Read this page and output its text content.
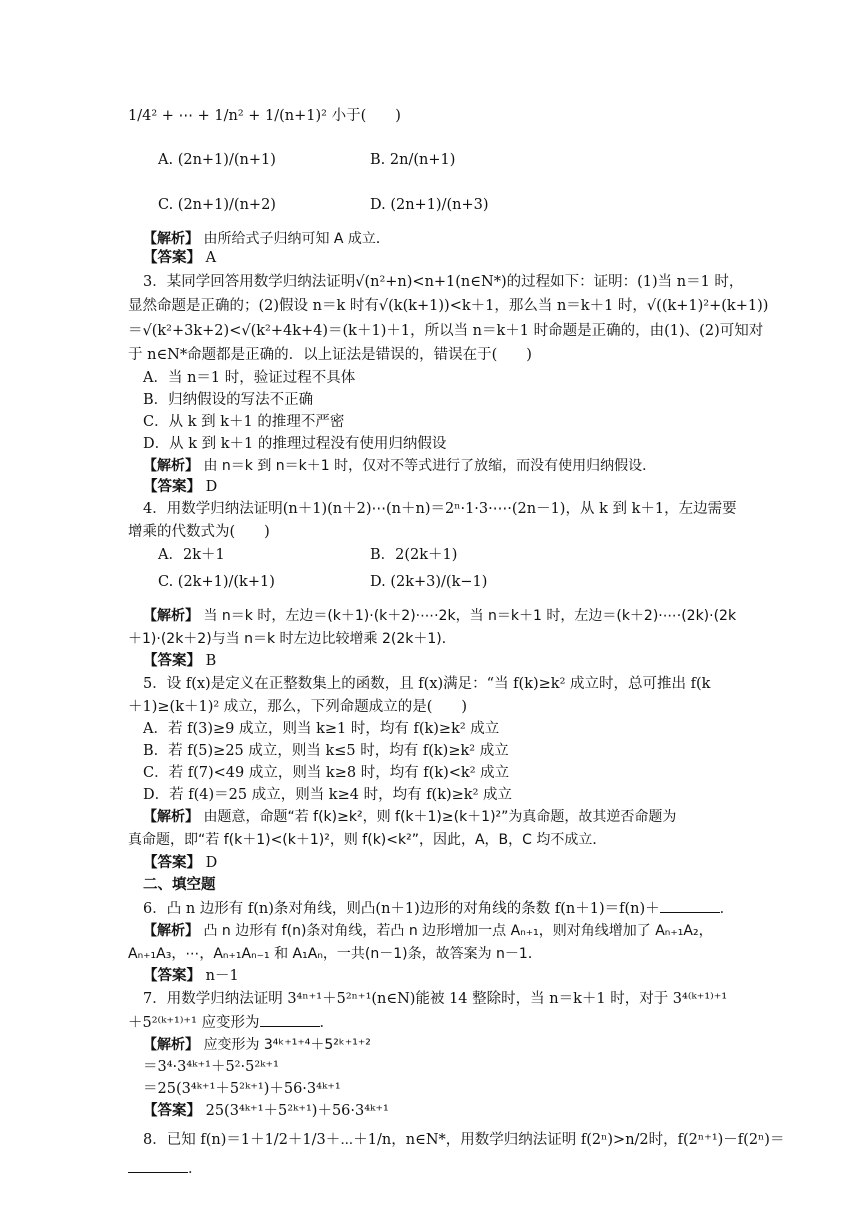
1/4² + ⋯ + 1/n² + 1/(n+1)² 小于(　　)
A. (2n+1)/(n+1)	B. 2n/(n+1)
C. (2n+1)/(n+2)	D. (2n+1)/(n+3)
【解析】 由所给式子归纳可知 A 成立．
【答案】 A
3．某同学回答用数学归纳法证明√(n²+n)<n+1(n∈N*)的过程如下：证明：(1)当 n＝1 时，
显然命题是正确的；(2)假设 n＝k 时有√(k(k+1))<k＋1，那么当 n＝k＋1 时，√((k+1)²+(k+1))
＝√(k²+3k+2)<√(k²+4k+4)＝(k＋1)＋1，所以当 n＝k＋1 时命题是正确的，由(1)、(2)可知对
于 n∈N*命题都是正确的．以上证法是错误的，错误在于(　　)
A．当 n＝1 时，验证过程不具体
B．归纳假设的写法不正确
C．从 k 到 k＋1 的推理不严密
D．从 k 到 k＋1 的推理过程没有使用归纳假设
【解析】 由 n＝k 到 n＝k＋1 时，仅对不等式进行了放缩，而没有使用归纳假设．
【答案】 D
4．用数学归纳法证明(n＋1)(n＋2)⋯(n＋n)＝2ⁿ·1·3·⋯·(2n－1)，从 k 到 k＋1，左边需要
增乘的代数式为(　　)
A．2k＋1	B．2(2k＋1)
C. (2k+1)/(k+1)	D. (2k+3)/(k−1)
【解析】 当 n＝k 时，左边＝(k＋1)·(k＋2)·⋯·2k，当 n＝k＋1 时，左边＝(k＋2)·⋯·(2k)·(2k
＋1)·(2k＋2)与当 n＝k 时左边比较增乘 2(2k＋1)．
【答案】 B
5．设 f(x)是定义在正整数集上的函数，且 f(x)满足：“当 f(k)≥k² 成立时，总可推出 f(k
＋1)≥(k＋1)² 成立，那么，下列命题成立的是(　　)
A．若 f(3)≥9 成立，则当 k≥1 时，均有 f(k)≥k² 成立
B．若 f(5)≥25 成立，则当 k≤5 时，均有 f(k)≥k² 成立
C．若 f(7)<49 成立，则当 k≥8 时，均有 f(k)<k² 成立
D．若 f(4)＝25 成立，则当 k≥4 时，均有 f(k)≥k² 成立
【解析】 由题意，命题“若 f(k)≥k²，则 f(k＋1)≥(k＋1)²”为真命题，故其逆否命题为
真命题，即“若 f(k＋1)<(k＋1)²，则 f(k)<k²”，因此，A，B，C 均不成立．
【答案】 D
二、填空题
6．凸 n 边形有 f(n)条对角线，则凸(n＋1)边形的对角线的条数 f(n＋1)＝f(n)＋	．
【解析】 凸 n 边形有 f(n)条对角线，若凸 n 边形增加一点 Aₙ₊₁，则对角线增加了 Aₙ₊₁A₂，
Aₙ₊₁A₃，⋯，Aₙ₊₁Aₙ₋₁ 和 A₁Aₙ，一共(n－1)条，故答案为 n－1．
【答案】 n－1
7．用数学归纳法证明 3⁴ⁿ⁺¹＋5²ⁿ⁺¹(n∈N)能被 14 整除时，当 n＝k＋1 时，对于 3⁴⁽ᵏ⁺¹⁾⁺¹
＋5²⁽ᵏ⁺¹⁾⁺¹ 应变形为	．
【解析】 应变形为 3⁴ᵏ⁺¹⁺⁴＋5²ᵏ⁺¹⁺²
＝3⁴·3⁴ᵏ⁺¹＋5²·5²ᵏ⁺¹
＝25(3⁴ᵏ⁺¹＋5²ᵏ⁺¹)＋56·3⁴ᵏ⁺¹
【答案】 25(3⁴ᵏ⁺¹＋5²ᵏ⁺¹)＋56·3⁴ᵏ⁺¹
8．已知 f(n)＝1＋1/2＋1/3＋⋯＋1/n，n∈N*，用数学归纳法证明 f(2ⁿ)>n/2时，f(2ⁿ⁺¹)－f(2ⁿ)＝
．
